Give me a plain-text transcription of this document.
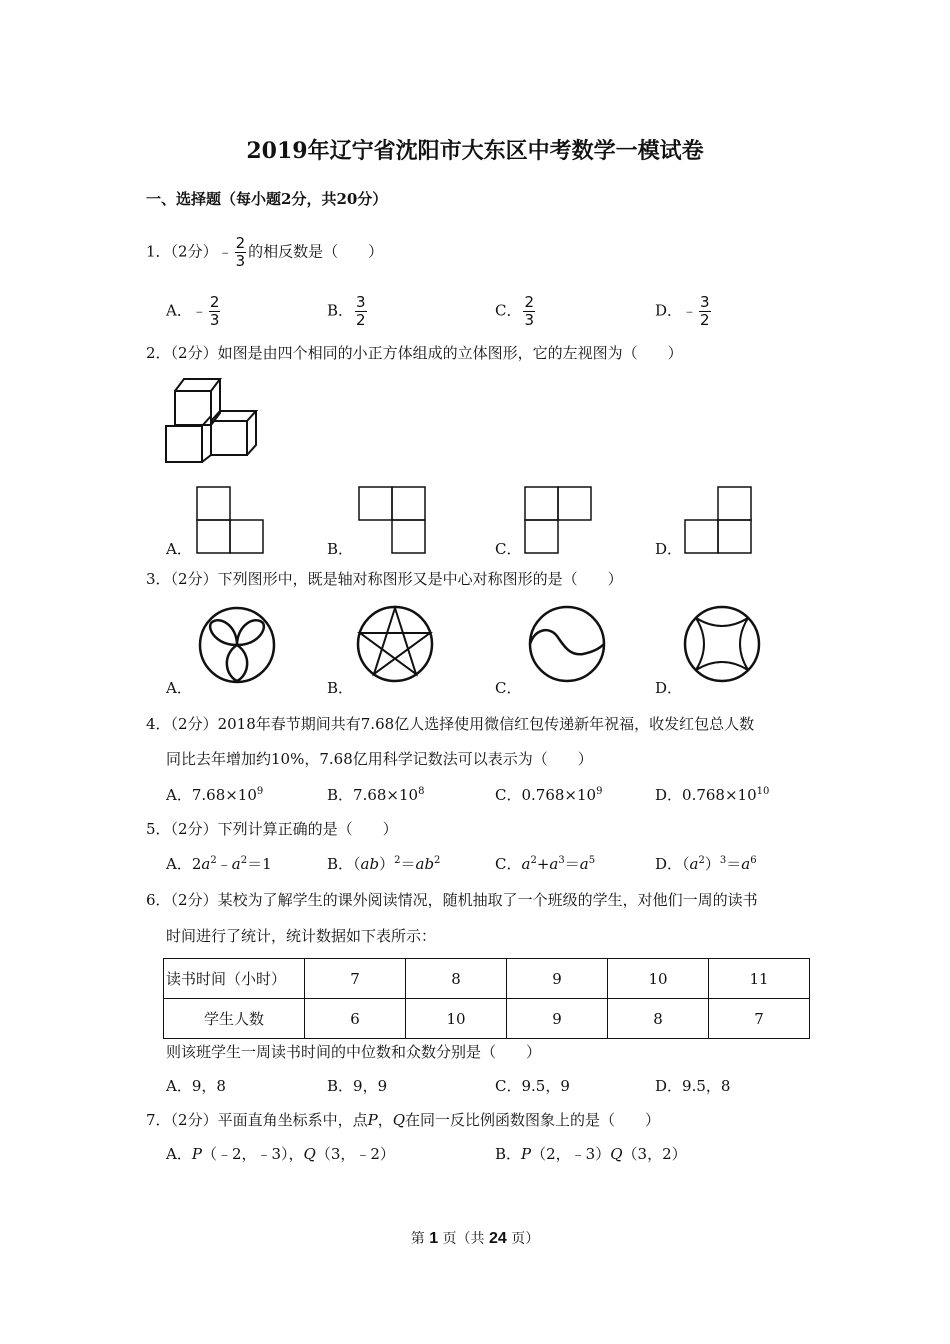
2019年辽宁省沈阳市大东区中考数学一模试卷
一、选择题（每小题2分，共20分）
1．（2分）﹣ $\frac{2}{3}$ 的相反数是（　　）
A．﹣ $\frac{2}{3}$	B． $\frac{3}{2}$	C． $\frac{2}{3}$	D．﹣ $\frac{3}{2}$
2．（2分）如图是由四个相同的小正方体组成的立体图形，它的左视图为（　　）
A．	B．	C．	D．
3．（2分）下列图形中，既是轴对称图形又是中心对称图形的是（　　）
A．	B．	C．	D．
4．（2分）2018年春节期间共有7.68亿人选择使用微信红包传递新年祝福，收发红包总人数
同比去年增加约10%，7.68亿用科学记数法可以表示为（　　）
A．$7.68\times 10^9$	B．$7.68\times 10^8$	C．$0.768\times 10^9$	D．$0.768\times 10^{10}$
5．（2分）下列计算正确的是（　　）
A．$2a^2﹣a^2=1$	B．$(ab)^2=ab^2$	C．$a^2+a^3=a^5$	D．$(a^2)^3=a^6$
6．（2分）某校为了解学生的课外阅读情况，随机抽取了一个班级的学生，对他们一周的读书
时间进行了统计，统计数据如下表所示：
读书时间（小时）	7	8	9	10	11
学生人数	6	10	9	8	7
则该班学生一周读书时间的中位数和众数分别是（　　）
A．9，8	B．9，9	C．9.5，9	D．9.5，8
7．（2分）平面直角坐标系中，点P，Q在同一反比例函数图象上的是（　　）
A．P（﹣2，﹣3），Q（3，﹣2）	B．P（2，﹣3）Q（3，2）
第 1 页（共 24 页）
